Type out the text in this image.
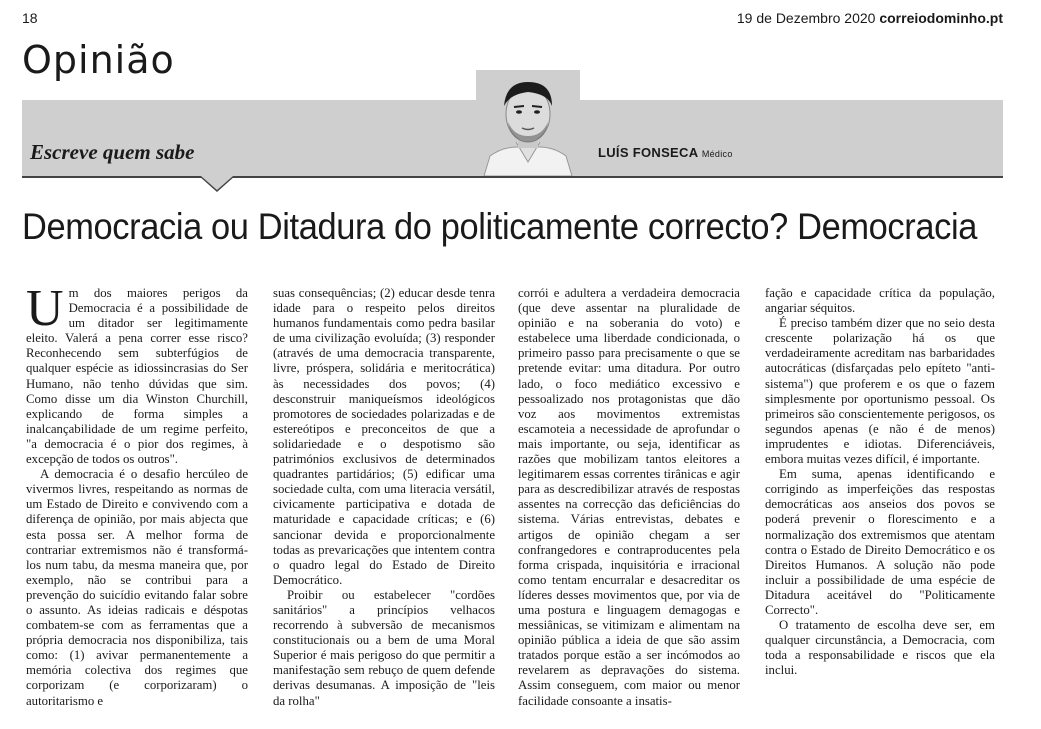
18	19 de Dezembro 2020 correiodominho.pt
Opinião
Escreve quem sabe	LUÍS FONSECA Médico
Democracia ou Ditadura do politicamente correcto? Democracia

Um dos maiores perigos da Democracia é a possibilidade de um ditador ser legitimamente eleito. Valerá a pena correr esse risco? Reconhecendo sem subterfúgios de qualquer espécie as idiossincrasias do Ser Humano, não tenho dúvidas que sim. Como disse um dia Winston Churchill, explicando de forma simples a inalcançabilidade de um regime perfeito, "a democracia é o pior dos regimes, à excepção de todos os outros".

A democracia é o desafio hercúleo de vivermos livres, respeitando as normas de um Estado de Direito e convivendo com a diferença de opinião, por mais abjecta que esta possa ser. A melhor forma de contrariar extremismos não é transformá-los num tabu, da mesma maneira que, por exemplo, não se contribui para a prevenção do suicídio evitando falar sobre o assunto. As ideias radicais e déspotas combatem-se com as ferramentas que a própria democracia nos disponibiliza, tais como: (1) avivar permanentemente a memória colectiva dos regimes que corporizam (e corporizaram) o autoritarismo e

suas consequências; (2) educar desde tenra idade para o respeito pelos direitos humanos fundamentais como pedra basilar de uma civilização evoluída; (3) responder (através de uma democracia transparente, livre, próspera, solidária e meritocrática) às necessidades dos povos; (4) desconstruir maniqueísmos ideológicos promotores de sociedades polarizadas e de estereótipos e preconceitos de que a solidariedade e o despotismo são patrimónios exclusivos de determinados quadrantes partidários; (5) edificar uma sociedade culta, com uma literacia versátil, civicamente participativa e dotada de maturidade e capacidade críticas; e (6) sancionar devida e proporcionalmente todas as prevaricações que intentem contra o quadro legal do Estado de Direito Democrático.

Proibir ou estabelecer "cordões sanitários" a princípios velhacos recorrendo à subversão de mecanismos constitucionais ou a bem de uma Moral Superior é mais perigoso do que permitir a manifestação sem rebuço de quem defende derivas desumanas. A imposição de "leis da rolha"

corrói e adultera a verdadeira democracia (que deve assentar na pluralidade de opinião e na soberania do voto) e estabelece uma liberdade condicionada, o primeiro passo para precisamente o que se pretende evitar: uma ditadura. Por outro lado, o foco mediático excessivo e pessoalizado nos protagonistas que dão voz aos movimentos extremistas escamoteia a necessidade de aprofundar o mais importante, ou seja, identificar as razões que mobilizam tantos eleitores a legitimarem essas correntes tirânicas e agir para as descredibilizar através de respostas assentes na correcção das deficiências do sistema. Várias entrevistas, debates e artigos de opinião chegam a ser confrangedores e contraproducentes pela forma crispada, inquisitória e irracional como tentam encurralar e desacreditar os líderes desses movimentos que, por via de uma postura e linguagem demagogas e messiânicas, se vitimizam e alimentam na opinião pública a ideia de que são assim tratados porque estão a ser incómodos ao revelarem as depravações do sistema. Assim conseguem, com maior ou menor facilidade consoante a insatis-

fação e capacidade crítica da população, angariar séquitos.

É preciso também dizer que no seio desta crescente polarização há os que verdadeiramente acreditam nas barbaridades autocráticas (disfarçadas pelo epíteto "anti-sistema") que proferem e os que o fazem simplesmente por oportunismo pessoal. Os primeiros são conscientemente perigosos, os segundos apenas (e não é de menos) imprudentes e idiotas. Diferenciáveis, embora muitas vezes difícil, é importante.

Em suma, apenas identificando e corrigindo as imperfeições das respostas democráticas aos anseios dos povos se poderá prevenir o florescimento e a normalização dos extremismos que atentam contra o Estado de Direito Democrático e os Direitos Humanos. A solução não pode incluir a possibilidade de uma espécie de Ditadura aceitável do "Politicamente Correcto".

O tratamento de escolha deve ser, em qualquer circunstância, a Democracia, com toda a responsabilidade e riscos que ela inclui.
